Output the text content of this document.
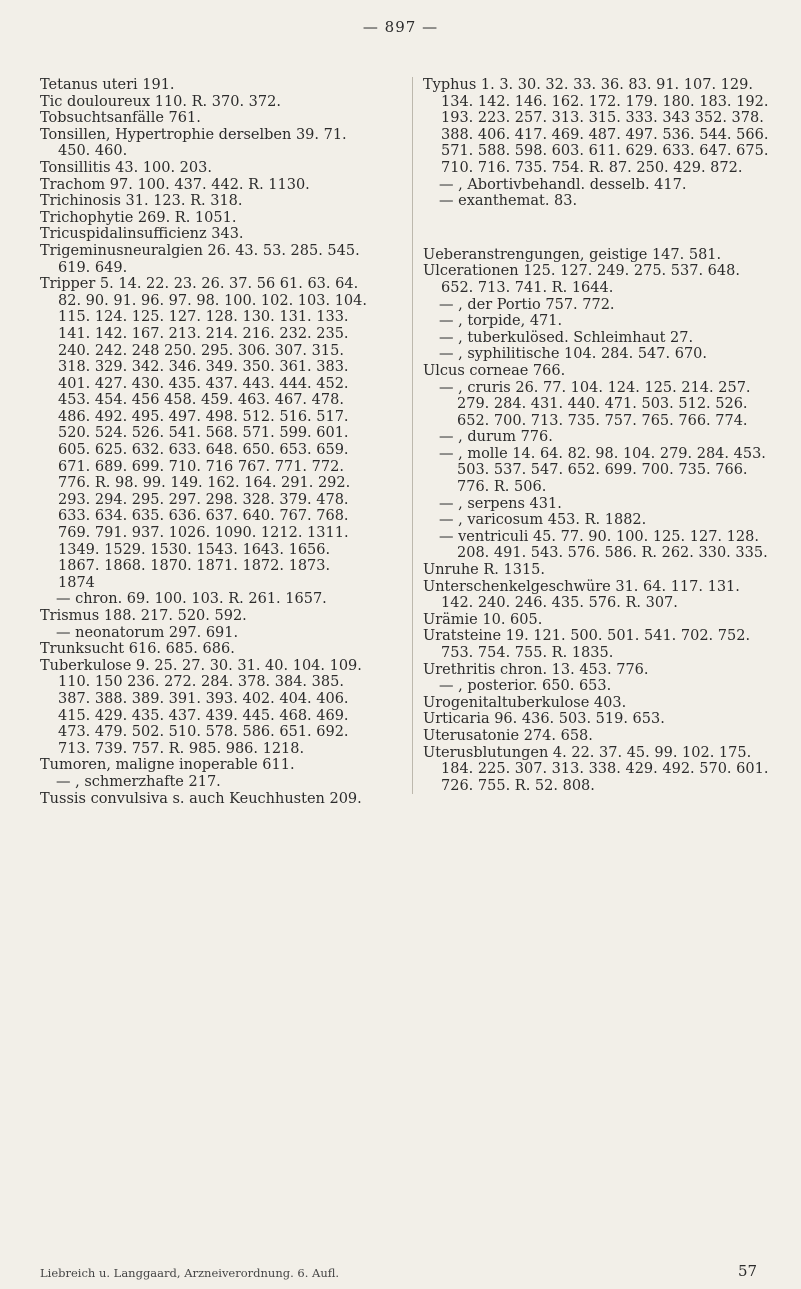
— 897 —

Tetanus uteri 191.

Tic douloureux 110. R. 370. 372.

Tobsuchtsanfälle 761.

Tonsillen, Hypertrophie derselben 39. 71. 450. 460.

Tonsillitis 43. 100. 203.

Trachom 97. 100. 437. 442. R. 1130.

Trichinosis 31. 123. R. 318.

Trichophytie 269. R. 1051.

Tricuspidalinsufficienz 343.

Trigeminusneuralgien 26. 43. 53. 285. 545. 619. 649.

Tripper 5. 14. 22. 23. 26. 37. 56 61. 63. 64. 82. 90. 91. 96. 97. 98. 100. 102. 103. 104. 115. 124. 125. 127. 128. 130. 131. 133. 141. 142. 167. 213. 214. 216. 232. 235. 240. 242. 248 250. 295. 306. 307. 315. 318. 329. 342. 346. 349. 350. 361. 383. 401. 427. 430. 435. 437. 443. 444. 452. 453. 454. 456 458. 459. 463. 467. 478. 486. 492. 495. 497. 498. 512. 516. 517. 520. 524. 526. 541. 568. 571. 599. 601. 605. 625. 632. 633. 648. 650. 653. 659. 671. 689. 699. 710. 716 767. 771. 772. 776. R. 98. 99. 149. 162. 164. 291. 292. 293. 294. 295. 297. 298. 328. 379. 478. 633. 634. 635. 636. 637. 640. 767. 768. 769. 791. 937. 1026. 1090. 1212. 1311. 1349. 1529. 1530. 1543. 1643. 1656. 1867. 1868. 1870. 1871. 1872. 1873. 1874

— chron. 69. 100. 103. R. 261. 1657.

Trismus 188. 217. 520. 592.

— neonatorum 297. 691.

Trunksucht 616. 685. 686.

Tuberkulose 9. 25. 27. 30. 31. 40. 104. 109. 110. 150 236. 272. 284. 378. 384. 385. 387. 388. 389. 391. 393. 402. 404. 406. 415. 429. 435. 437. 439. 445. 468. 469. 473. 479. 502. 510. 578. 586. 651. 692. 713. 739. 757. R. 985. 986. 1218.

Tumoren, maligne inoperable 611.

— , schmerzhafte 217.

Tussis convulsiva s. auch Keuchhusten 209.

Typhus 1. 3. 30. 32. 33. 36. 83. 91. 107. 129. 134. 142. 146. 162. 172. 179. 180. 183. 192. 193. 223. 257. 313. 315. 333. 343 352. 378. 388. 406. 417. 469. 487. 497. 536. 544. 566. 571. 588. 598. 603. 611. 629. 633. 647. 675. 710. 716. 735. 754. R. 87. 250. 429. 872.

— , Abortivbehandl. desselb. 417.

— exanthemat. 83.

Ueberanstrengungen, geistige 147. 581.

Ulcerationen 125. 127. 249. 275. 537. 648. 652. 713. 741. R. 1644.

— , der Portio 757. 772.

— , torpide, 471.

— , tuberkulösed. Schleimhaut 27.

— , syphilitische 104. 284. 547. 670.

Ulcus corneae 766.

— , cruris 26. 77. 104. 124. 125. 214. 257. 279. 284. 431. 440. 471. 503. 512. 526. 652. 700. 713. 735. 757. 765. 766. 774.

— , durum 776.

— , molle 14. 64. 82. 98. 104. 279. 284. 453. 503. 537. 547. 652. 699. 700. 735. 766. 776. R. 506.

— , serpens 431.

— , varicosum 453. R. 1882.

— ventriculi 45. 77. 90. 100. 125. 127. 128. 208. 491. 543. 576. 586. R. 262. 330. 335.

Unruhe R. 1315.

Unterschenkelgeschwüre 31. 64. 117. 131. 142. 240. 246. 435. 576. R. 307.

Urämie 10. 605.

Uratsteine 19. 121. 500. 501. 541. 702. 752. 753. 754. 755. R. 1835.

Urethritis chron. 13. 453. 776.

— , posterior. 650. 653.

Urogenitaltuberkulose 403.

Urticaria 96. 436. 503. 519. 653.

Uterusatonie 274. 658.

Uterusblutungen 4. 22. 37. 45. 99. 102. 175. 184. 225. 307. 313. 338. 429. 492. 570. 601. 726. 755. R. 52. 808.

Liebreich u. Langgaard, Arzneiverordnung. 6. Aufl.	57
